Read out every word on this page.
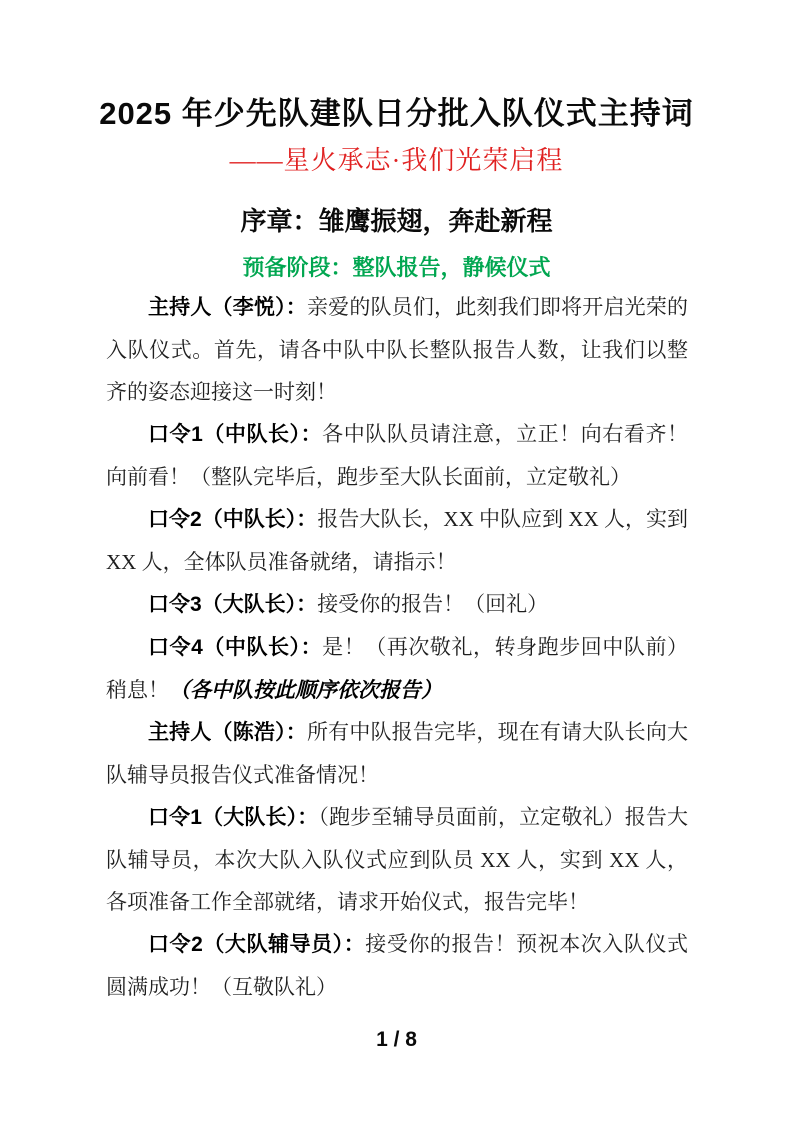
2025 年少先队建队日分批入队仪式主持词
——星火承志·我们光荣启程
序章：雏鹰振翅，奔赴新程
预备阶段：整队报告，静候仪式

主持人（李悦）：亲爱的队员们，此刻我们即将开启光荣的入队仪式。首先，请各中队中队长整队报告人数，让我们以整齐的姿态迎接这一时刻！

口令1（中队长）：各中队队员请注意，立正！向右看齐！向前看！（整队完毕后，跑步至大队长面前，立定敬礼）

口令2（中队长）：报告大队长，XX 中队应到 XX 人，实到 XX 人，全体队员准备就绪，请指示！

口令3（大队长）：接受你的报告！（回礼）

口令4（中队长）：是！（再次敬礼，转身跑步回中队前）稍息！（各中队按此顺序依次报告）

主持人（陈浩）：所有中队报告完毕，现在有请大队长向大队辅导员报告仪式准备情况！

口令1（大队长）：（跑步至辅导员面前，立定敬礼）报告大队辅导员，本次大队入队仪式应到队员 XX 人，实到 XX 人，各项准备工作全部就绪，请求开始仪式，报告完毕！

口令2（大队辅导员）：接受你的报告！预祝本次入队仪式圆满成功！（互敬队礼）

1 / 8
